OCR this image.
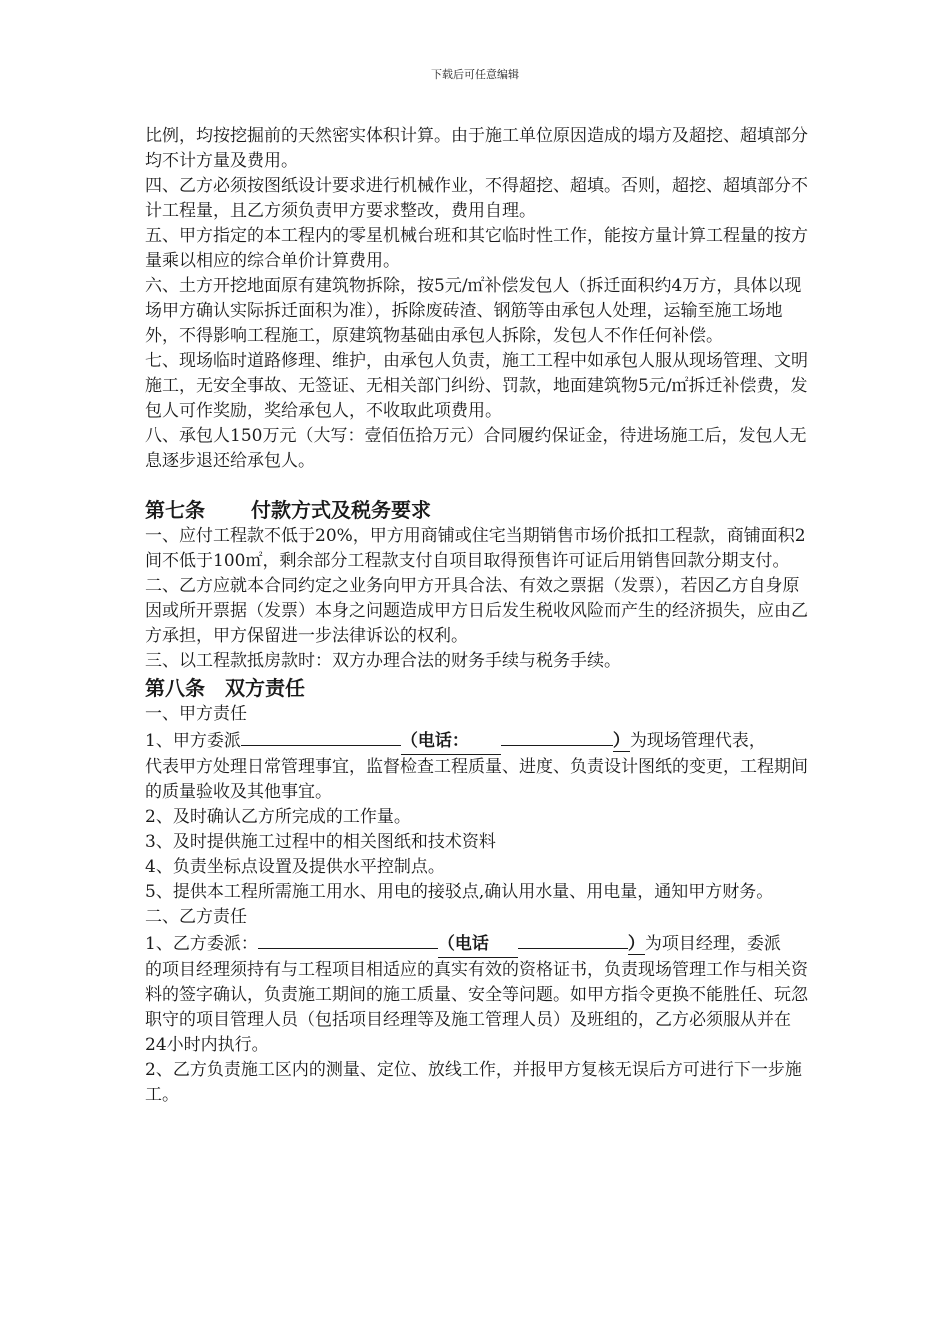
下载后可任意编辑

比例，均按挖掘前的天然密实体积计算。由于施工单位原因造成的塌方及超挖、超填部分均不计方量及费用。

四、乙方必须按图纸设计要求进行机械作业，不得超挖、超填。否则，超挖、超填部分不计工程量，且乙方须负责甲方要求整改，费用自理。

五、甲方指定的本工程内的零星机械台班和其它临时性工作，能按方量计算工程量的按方量乘以相应的综合单价计算费用。

六、土方开挖地面原有建筑物拆除，按5元/㎡补偿发包人（拆迁面积约4万方，具体以现场甲方确认实际拆迁面积为准），拆除废砖渣、钢筋等由承包人处理，运输至施工场地外，不得影响工程施工，原建筑物基础由承包人拆除，发包人不作任何补偿。

七、现场临时道路修理、维护，由承包人负责，施工工程中如承包人服从现场管理、文明施工，无安全事故、无签证、无相关部门纠纷、罚款，地面建筑物5元/㎡拆迁补偿费，发包人可作奖励，奖给承包人，不收取此项费用。

八、承包人150万元（大写：壹佰伍拾万元）合同履约保证金，待进场施工后，发包人无息逐步退还给承包人。

第七条 付款方式及税务要求

一、应付工程款不低于20%，甲方用商铺或住宅当期销售市场价抵扣工程款，商铺面积2间不低于100㎡，剩余部分工程款支付自项目取得预售许可证后用销售回款分期支付。

二、乙方应就本合同约定之业务向甲方开具合法、有效之票据（发票），若因乙方自身原因或所开票据（发票）本身之问题造成甲方日后发生税收风险而产生的经济损失，应由乙方承担，甲方保留进一步法律诉讼的权利。

三、以工程款抵房款时：双方办理合法的财务手续与税务手续。

第八条 双方责任

一、甲方责任

1、甲方委派	（电话：	）为现场管理代表，
代表甲方处理日常管理事宜，监督检查工程质量、进度、负责设计图纸的变更，工程期间的质量验收及其他事宜。

2、及时确认乙方所完成的工作量。

3、及时提供施工过程中的相关图纸和技术资料

4、负责坐标点设置及提供水平控制点。

5、提供本工程所需施工用水、用电的接驳点,确认用水量、用电量，通知甲方财务。

二、乙方责任

1、乙方委派：	（电话	）为项目经理，委派
的项目经理须持有与工程项目相适应的真实有效的资格证书，负责现场管理工作与相关资料的签字确认，负责施工期间的施工质量、安全等问题。如甲方指令更换不能胜任、玩忽职守的项目管理人员（包括项目经理等及施工管理人员）及班组的，乙方必须服从并在24小时内执行。

2、乙方负责施工区内的测量、定位、放线工作，并报甲方复核无误后方可进行下一步施工。
